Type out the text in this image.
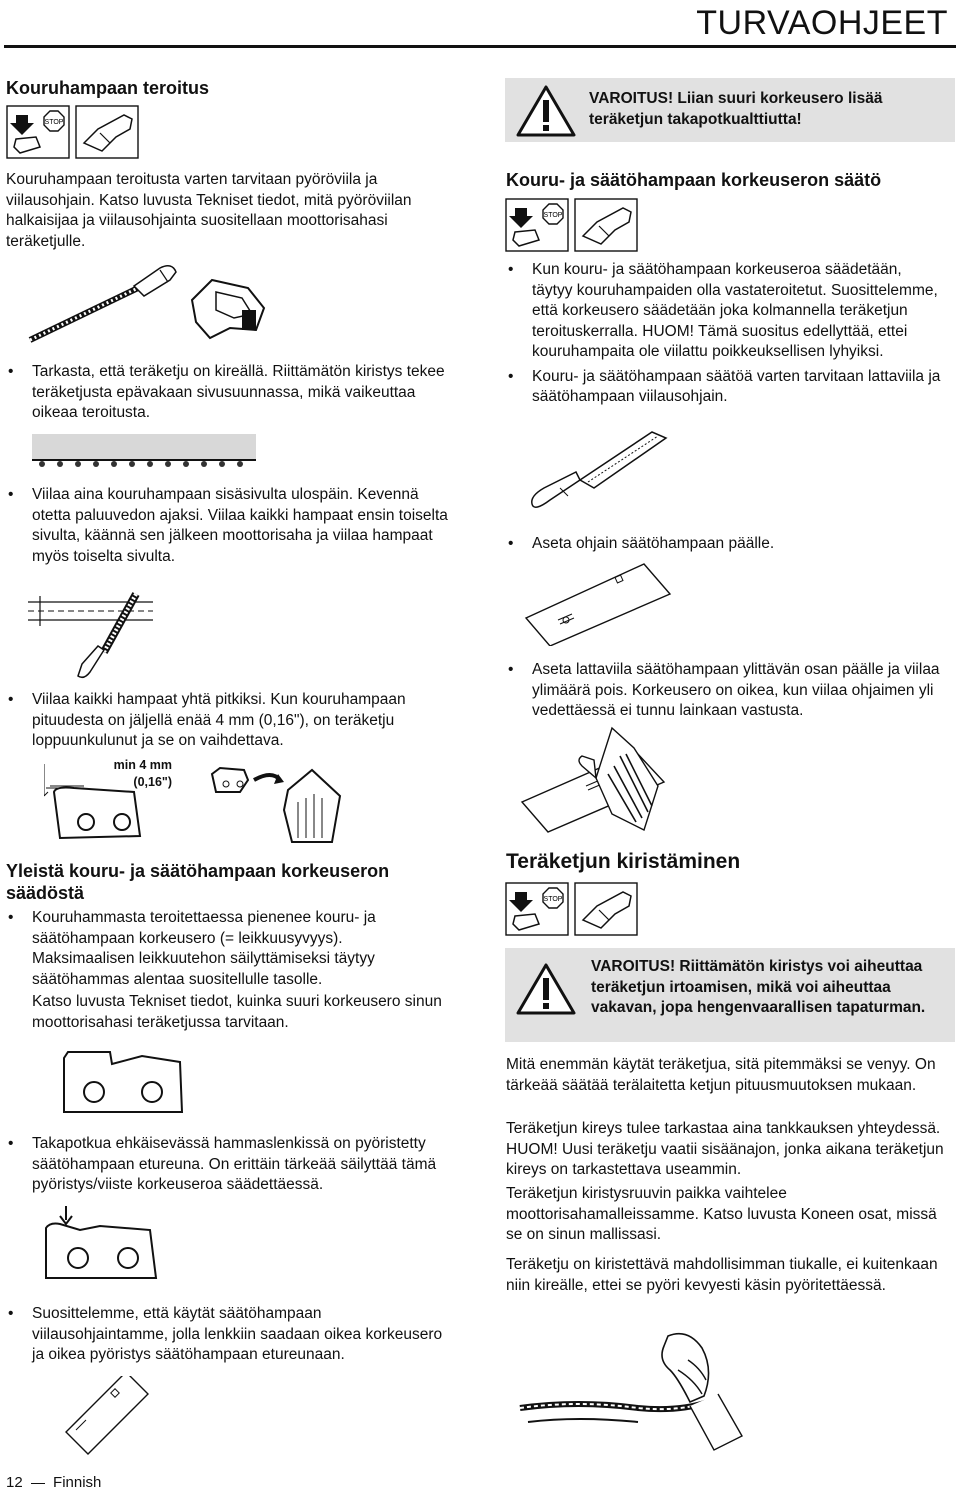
TURVAOHJEET
Kouruhampaan teroitus
STOP
Kouruhampaan teroitusta varten tarvitaan pyöröviila ja viilausohjain. Katso luvusta Tekniset tiedot, mitä pyöröviilan halkaisijaa ja viilausohjainta suositellaan moottorisahasi teräketjulle.
• Tarkasta, että teräketju on kireällä. Riittämätön kiristys tekee teräketjusta epävakaan sivusuunnassa, mikä vaikeuttaa oikeaa teroitusta.
• Viilaa aina kouruhampaan sisäsivulta ulospäin. Kevennä otetta paluuvedon ajaksi. Viilaa kaikki hampaat ensin toiselta sivulta, käännä sen jälkeen moottorisaha ja viilaa hampaat myös toiselta sivulta.
• Viilaa kaikki hampaat yhtä pitkiksi. Kun kouruhampaan pituudesta on jäljellä enää 4 mm (0,16"), on teräketju loppuunkulunut ja se on vaihdettava.
min 4 mm
(0,16")
Yleistä kouru- ja säätöhampaan korkeuseron säädöstä
• Kouruhammasta teroitettaessa pienenee kouru- ja säätöhampaan korkeusero (= leikkuusyvyys). Maksimaalisen leikkuutehon säilyttämiseksi täytyy säätöhammas alentaa suositellulle tasolle.
Katso luvusta Tekniset tiedot, kuinka suuri korkeusero sinun moottorisahasi teräketjussa tarvitaan.
• Takapotkua ehkäisevässä hammaslenkissä on pyöristetty säätöhampaan etureuna. On erittäin tärkeää säilyttää tämä pyöristys/viiste korkeuseroa säädettäessä.
• Suosittelemme, että käytät säätöhampaan viilausohjaintamme, jolla lenkkiin saadaan oikea korkeusero ja oikea pyöristys säätöhampaan etureunaan.
12 Finnish
VAROITUS! Liian suuri korkeusero lisää teräketjun takapotkualttiutta!
Kouru- ja säätöhampaan korkeuseron säätö
STOP
• Kun kouru- ja säätöhampaan korkeuseroa säädetään, täytyy kouruhampaiden olla vastateroitetut. Suosittelemme, että korkeusero säädetään joka kolmannella teräketjun teroituskerralla. HUOM! Tämä suositus edellyttää, ettei kouruhampaita ole viilattu poikkeuksellisen lyhyiksi.
• Kouru- ja säätöhampaan säätöä varten tarvitaan lattaviila ja säätöhampaan viilausohjain.
• Aseta ohjain säätöhampaan päälle.
• Aseta lattaviila säätöhampaan ylittävän osan päälle ja viilaa ylimäärä pois. Korkeusero on oikea, kun viilaa ohjaimen yli vedettäessä ei tunnu lainkaan vastusta.
Teräketjun kiristäminen
STOP
VAROITUS! Riittämätön kiristys voi aiheuttaa teräketjun irtoamisen, mikä voi aiheuttaa vakavan, jopa hengenvaarallisen tapaturman.
Mitä enemmän käytät teräketjua, sitä pitemmäksi se venyy. On tärkeää säätää terälaitetta ketjun pituusmuutoksen mukaan.
Teräketjun kireys tulee tarkastaa aina tankkauksen yhteydessä. HUOM! Uusi teräketju vaatii sisäänajon, jonka aikana teräketjun kireys on tarkastettava useammin.
Teräketjun kiristysruuvin paikka vaihtelee moottorisahamalleissamme. Katso luvusta Koneen osat, missä se on sinun mallissasi.
Teräketju on kiristettävä mahdollisimman tiukalle, ei kuitenkaan niin kireälle, ettei se pyöri kevyesti käsin pyöritettäessä.
